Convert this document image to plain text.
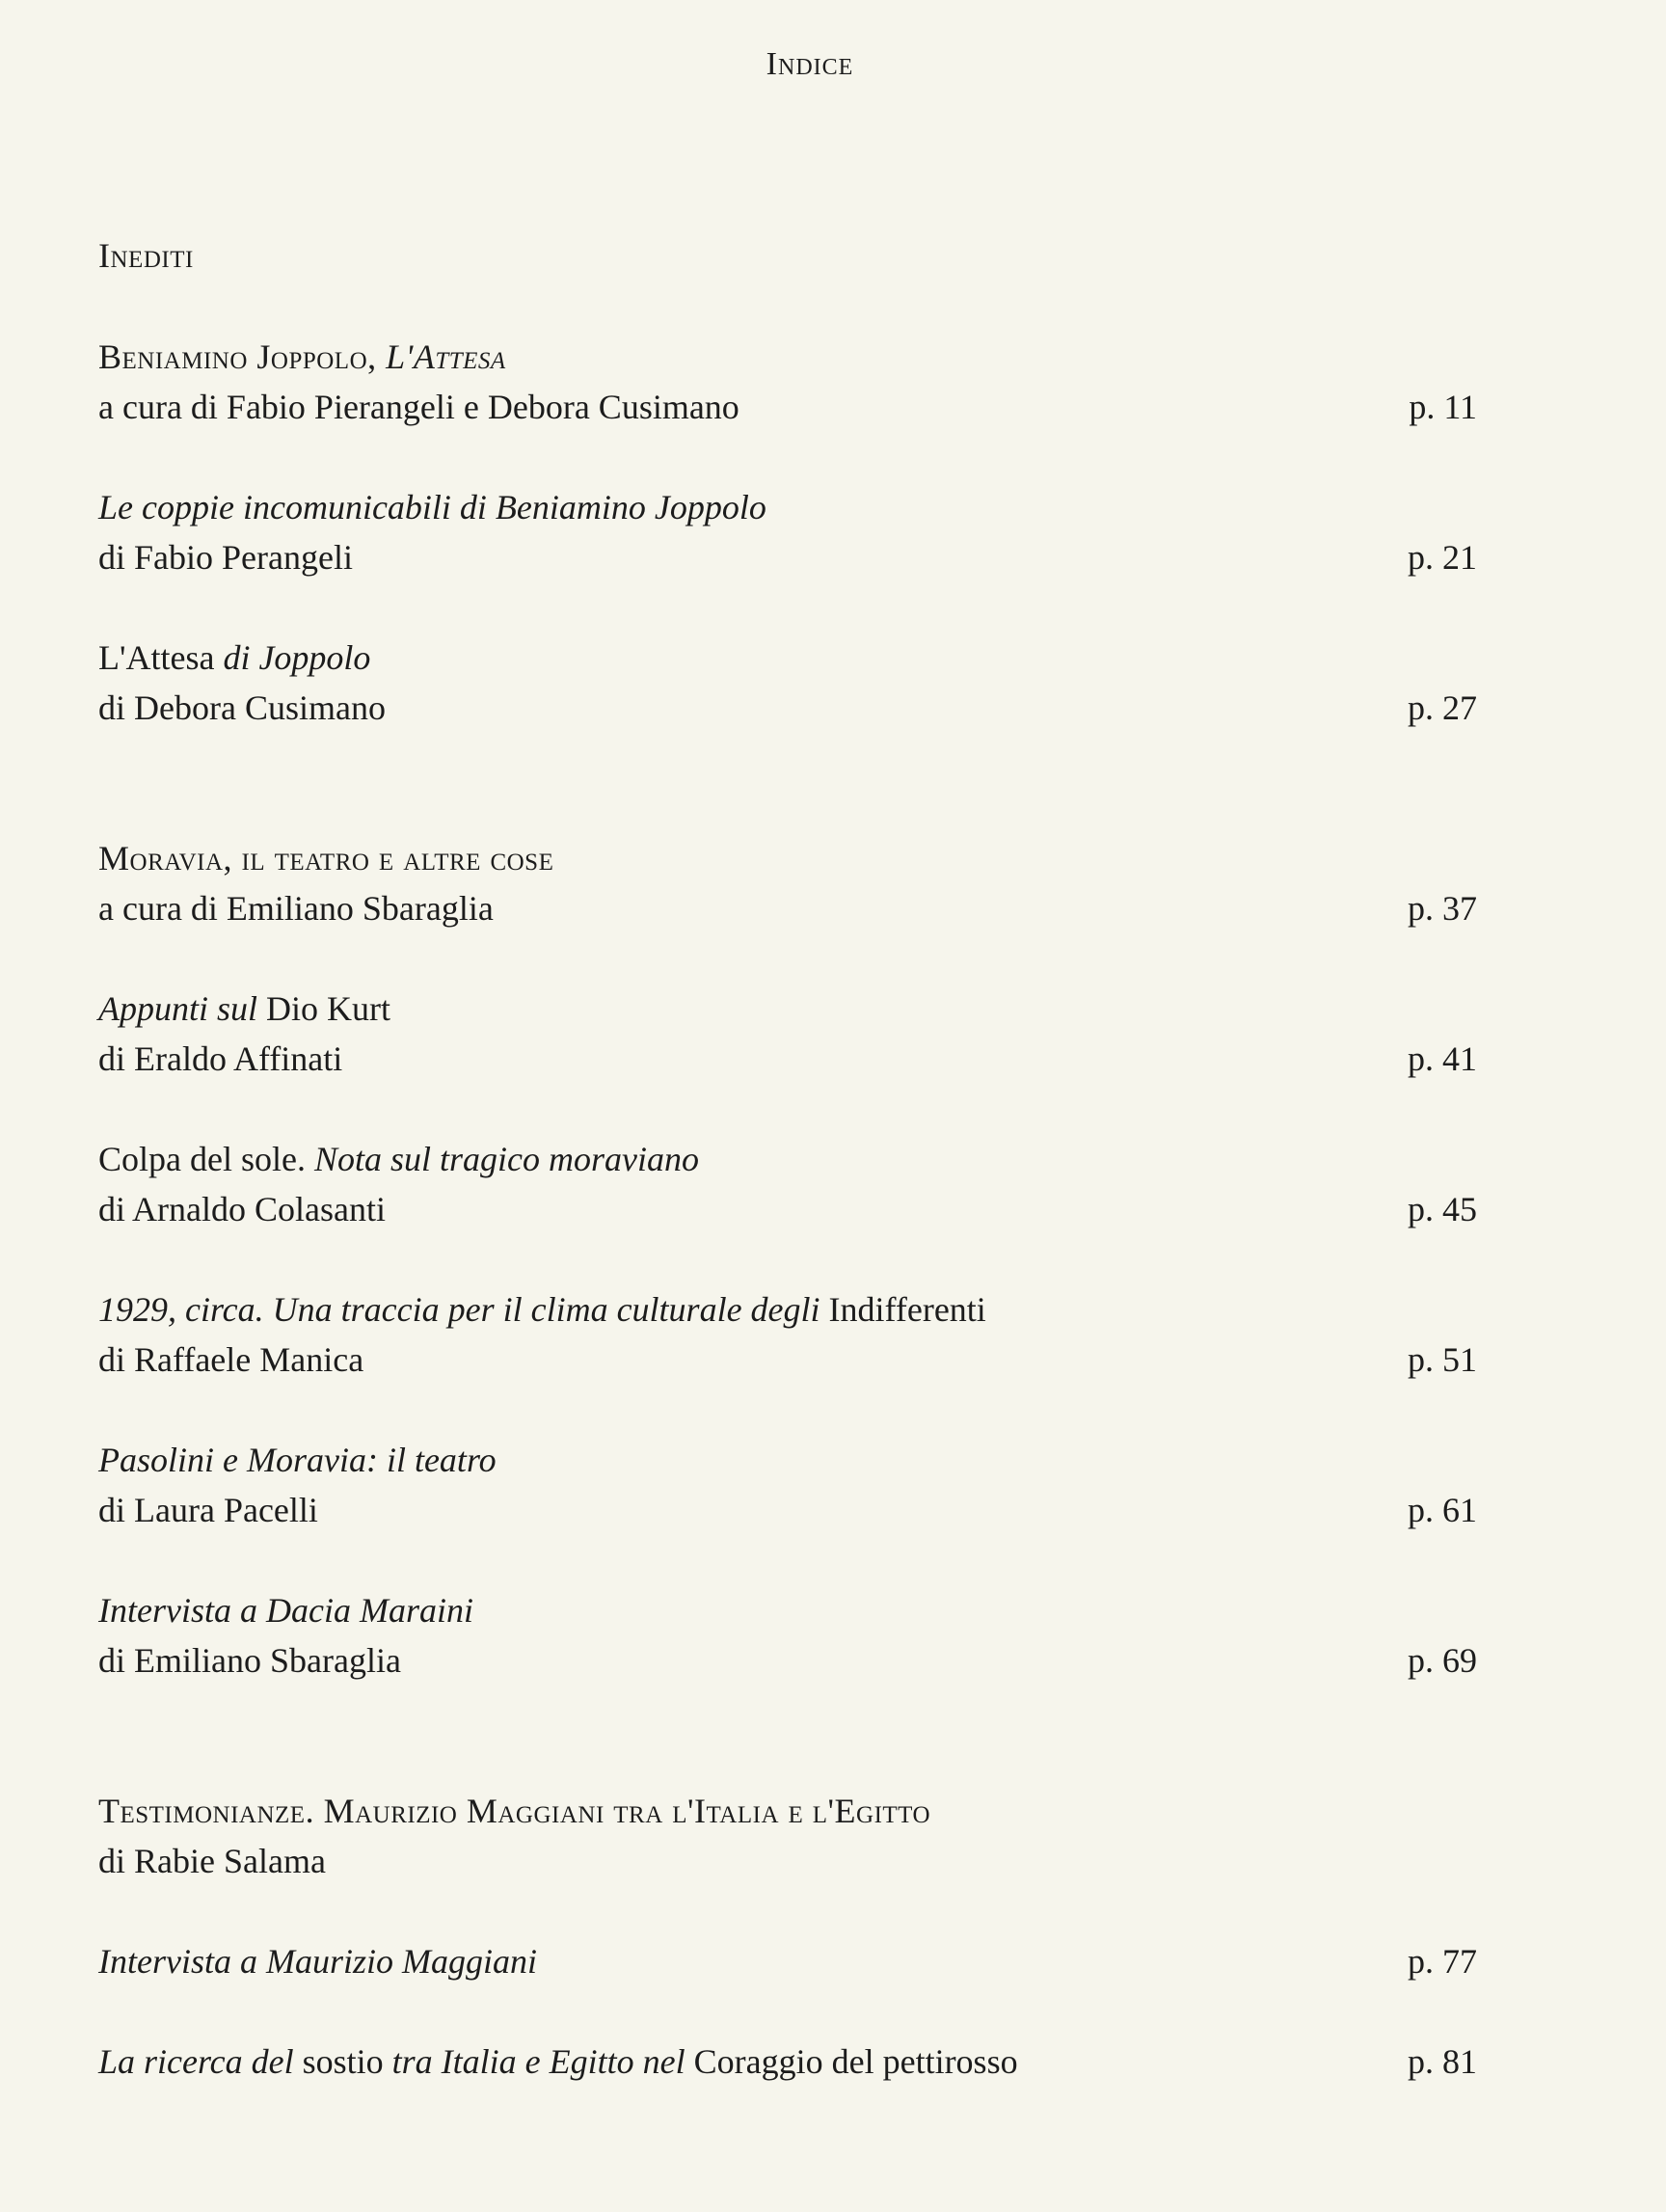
Indice
Inediti
Beniamino Joppolo, L'Attesa
a cura di Fabio Pierangeli e Debora Cusimano	p. 11
Le coppie incomunicabili di Beniamino Joppolo
di Fabio Perangeli	p. 21
L'Attesa di Joppolo
di Debora Cusimano	p. 27
Moravia, il teatro e altre cose
a cura di Emiliano Sbaraglia	p. 37
Appunti sul Dio Kurt
di Eraldo Affinati	p. 41
Colpa del sole. Nota sul tragico moraviano
di Arnaldo Colasanti	p. 45
1929, circa. Una traccia per il clima culturale degli Indifferenti
di Raffaele Manica	p. 51
Pasolini e Moravia: il teatro
di Laura Pacelli	p. 61
Intervista a Dacia Maraini
di Emiliano Sbaraglia	p. 69
Testimonianze. Maurizio Maggiani tra l'Italia e l'Egitto
di Rabie Salama
Intervista a Maurizio Maggiani	p. 77
La ricerca del sostio tra Italia e Egitto nel Coraggio del pettirosso	p. 81
